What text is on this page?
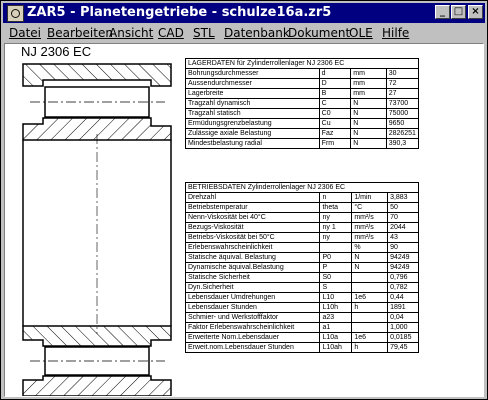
ZAR5 - Planetengetriebe - schulze16a.zr5	_ □ ×
Datei Bearbeiten
Ansicht CAD STL Datenbank
Dokument
OLE Hilfe
NJ 2306 EC
LAGERDATEN für Zylinderrollenlager NJ 2306 EC			
Bohrungsdurchmesser	d	mm	30
Aussendurchmesser	D	mm	72
Lagerbreite	B	mm	27
Tragzahl dynamisch	C	N	73700
Tragzahl statisch	C0	N	75000
Ermüdungsgrenzbelastung	Cu	N	9650
Zulässige axiale Belastung	Faz	N	2826251
Mindestbelastung radial	Frm	N	390,3
BETRIEBSDATEN Zylinderrollenlager NJ 2306 EC			
Drehzahl	n	1/min	3,883
Betriebstemperatur	theta	°C	50
Nenn-Viskosität bei 40°C	ny	mm²/s	70
Bezugs-Viskosität	ny 1	mm²/s	2044
Betriebs-Viskosität bei 50°C	ny	mm²/s	43
Erlebenswahrscheinlichkeit		%	90
Statische äquival. Belastung	P0	N	94249
Dynamische äquival.Belastung	P	N	94249
Statische Sicherheit	S0		0,796
Dyn.Sicherheit	S		0,782
Lebensdauer Umdrehungen	L10	1e6	0,44
Lebensdauer Stunden	L10h	h	1891
Schmier- und Werkstofffaktor	a23		0,04
Faktor Erlebenswahrscheinlichkeit	a1		1,000
Erweiterte Nom.Lebensdauer	L10a	1e6	0,0185
Erweit.nom.Lebensdauer Stunden	L10ah	h	79,45
